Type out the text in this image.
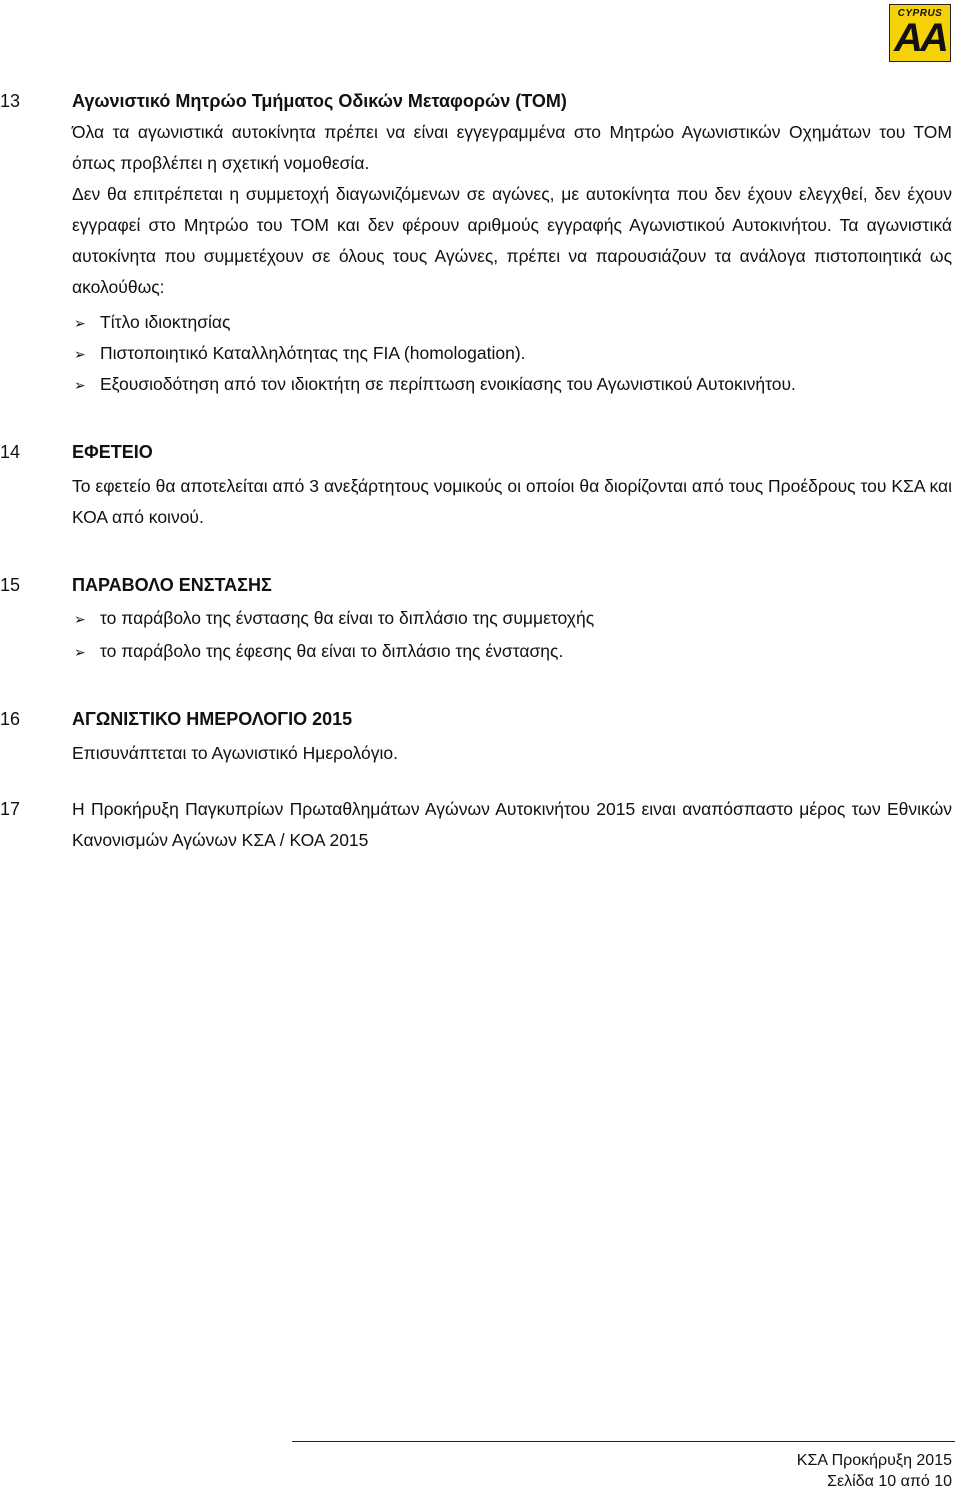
CYPRUS
AA
13	Αγωνιστικό Μητρώο Τμήματος Οδικών Μεταφορών (ΤΟΜ)

Όλα τα αγωνιστικά αυτοκίνητα πρέπει να είναι εγγεγραμμένα στο Μητρώο Αγωνιστικών Οχημάτων του ΤΟΜ όπως προβλέπει η σχετική νομοθεσία.

Δεν θα επιτρέπεται η συμμετοχή διαγωνιζόμενων σε αγώνες, με αυτοκίνητα που δεν έχουν ελεγχθεί, δεν έχουν εγγραφεί στο Μητρώο του ΤΟΜ και δεν φέρουν αριθμούς εγγραφής Αγωνιστικού Αυτοκινήτου. Τα αγωνιστικά αυτοκίνητα που συμμετέχουν σε όλους τους Αγώνες, πρέπει να παρουσιάζουν τα ανάλογα πιστοποιητικά ως ακολούθως:

➢ Τίτλο ιδιοκτησίας
➢ Πιστοποιητικό Καταλληλότητας της FIA (homologation).
➢ Εξουσιοδότηση από τον ιδιοκτήτη σε περίπτωση ενοικίασης του Αγωνιστικού Αυτοκινήτου.
14	ΕΦΕΤΕΙΟ

Το εφετείο θα αποτελείται από 3 ανεξάρτητους νομικούς οι οποίοι θα διορίζονται από τους Προέδρους του ΚΣΑ και ΚΟΑ από κοινού.

15	ΠΑΡΑΒΟΛΟ ΕΝΣΤΑΣΗΣ
➢ το παράβολο της ένστασης θα είναι το διπλάσιο της συμμετοχής
➢ το παράβολο της έφεσης θα είναι το διπλάσιο της ένστασης.
16	ΑΓΩΝΙΣΤΙΚΟ ΗΜΕΡΟΛΟΓΙΟ 2015

Επισυνάπτεται το Αγωνιστικό Ημερολόγιο.

17	Η Προκήρυξη Παγκυπρίων Πρωταθλημάτων Αγώνων Αυτοκινήτου 2015 ειναι αναπόσπαστο μέρος των Εθνικών Κανονισμών Αγώνων ΚΣΑ / ΚΟΑ 2015

ΚΣΑ Προκήρυξη 2015
Σελίδα 10 από 10
